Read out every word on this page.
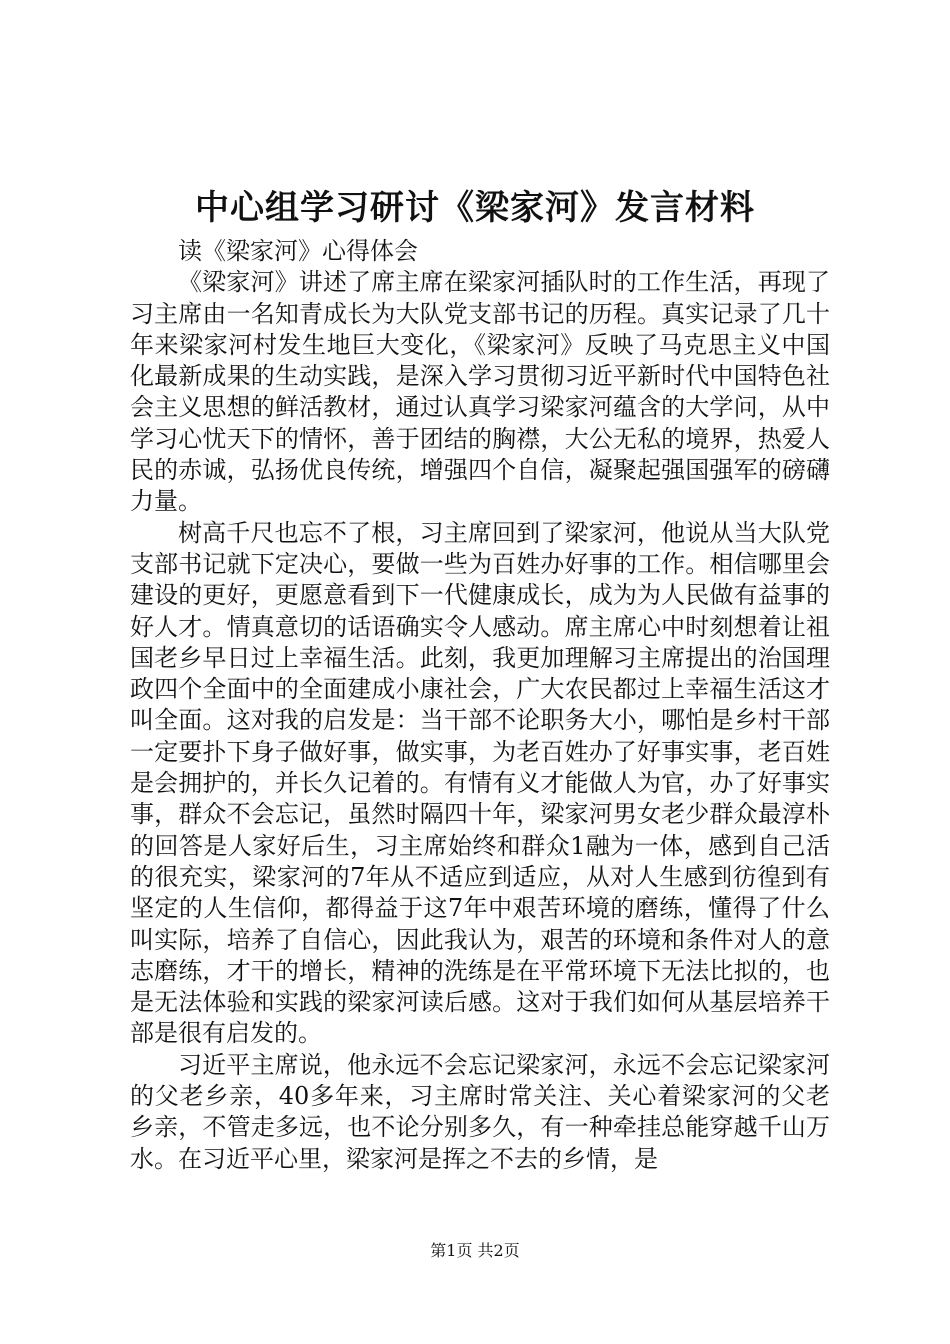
中心组学习研讨《梁家河》发言材料

读《梁家河》心得体会

《梁家河》讲述了席主席在梁家河插队时的工作生活，再现了习主席由一名知青成长为大队党支部书记的历程。真实记录了几十年来梁家河村发生地巨大变化，《梁家河》反映了马克思主义中国化最新成果的生动实践，是深入学习贯彻习近平新时代中国特色社会主义思想的鲜活教材，通过认真学习梁家河蕴含的大学问，从中学习心忧天下的情怀，善于团结的胸襟，大公无私的境界，热爱人民的赤诚，弘扬优良传统，增强四个自信，凝聚起强国强军的磅礴力量。

树高千尺也忘不了根，习主席回到了梁家河，他说从当大队党支部书记就下定决心，要做一些为百姓办好事的工作。相信哪里会建设的更好，更愿意看到下一代健康成长，成为为人民做有益事的好人才。情真意切的话语确实令人感动。席主席心中时刻想着让祖国老乡早日过上幸福生活。此刻，我更加理解习主席提出的治国理政四个全面中的全面建成小康社会，广大农民都过上幸福生活这才叫全面。这对我的启发是：当干部不论职务大小，哪怕是乡村干部一定要扑下身子做好事，做实事，为老百姓办了好事实事，老百姓是会拥护的，并长久记着的。有情有义才能做人为官，办了好事实事，群众不会忘记，虽然时隔四十年，梁家河男女老少群众最淳朴的回答是人家好后生，习主席始终和群众1融为一体，感到自己活的很充实，梁家河的7年从不适应到适应，从对人生感到彷徨到有坚定的人生信仰，都得益于这7年中艰苦环境的磨练，懂得了什么叫实际，培养了自信心，因此我认为，艰苦的环境和条件对人的意志磨练，才干的增长，精神的洗练是在平常环境下无法比拟的，也是无法体验和实践的梁家河读后感。这对于我们如何从基层培养干部是很有启发的。

习近平主席说，他永远不会忘记梁家河，永远不会忘记梁家河的父老乡亲，40多年来，习主席时常关注、关心着梁家河的父老乡亲，不管走多远，也不论分别多久，有一种牵挂总能穿越千山万水。在习近平心里，梁家河是挥之不去的乡情，是

第1页 共2页
